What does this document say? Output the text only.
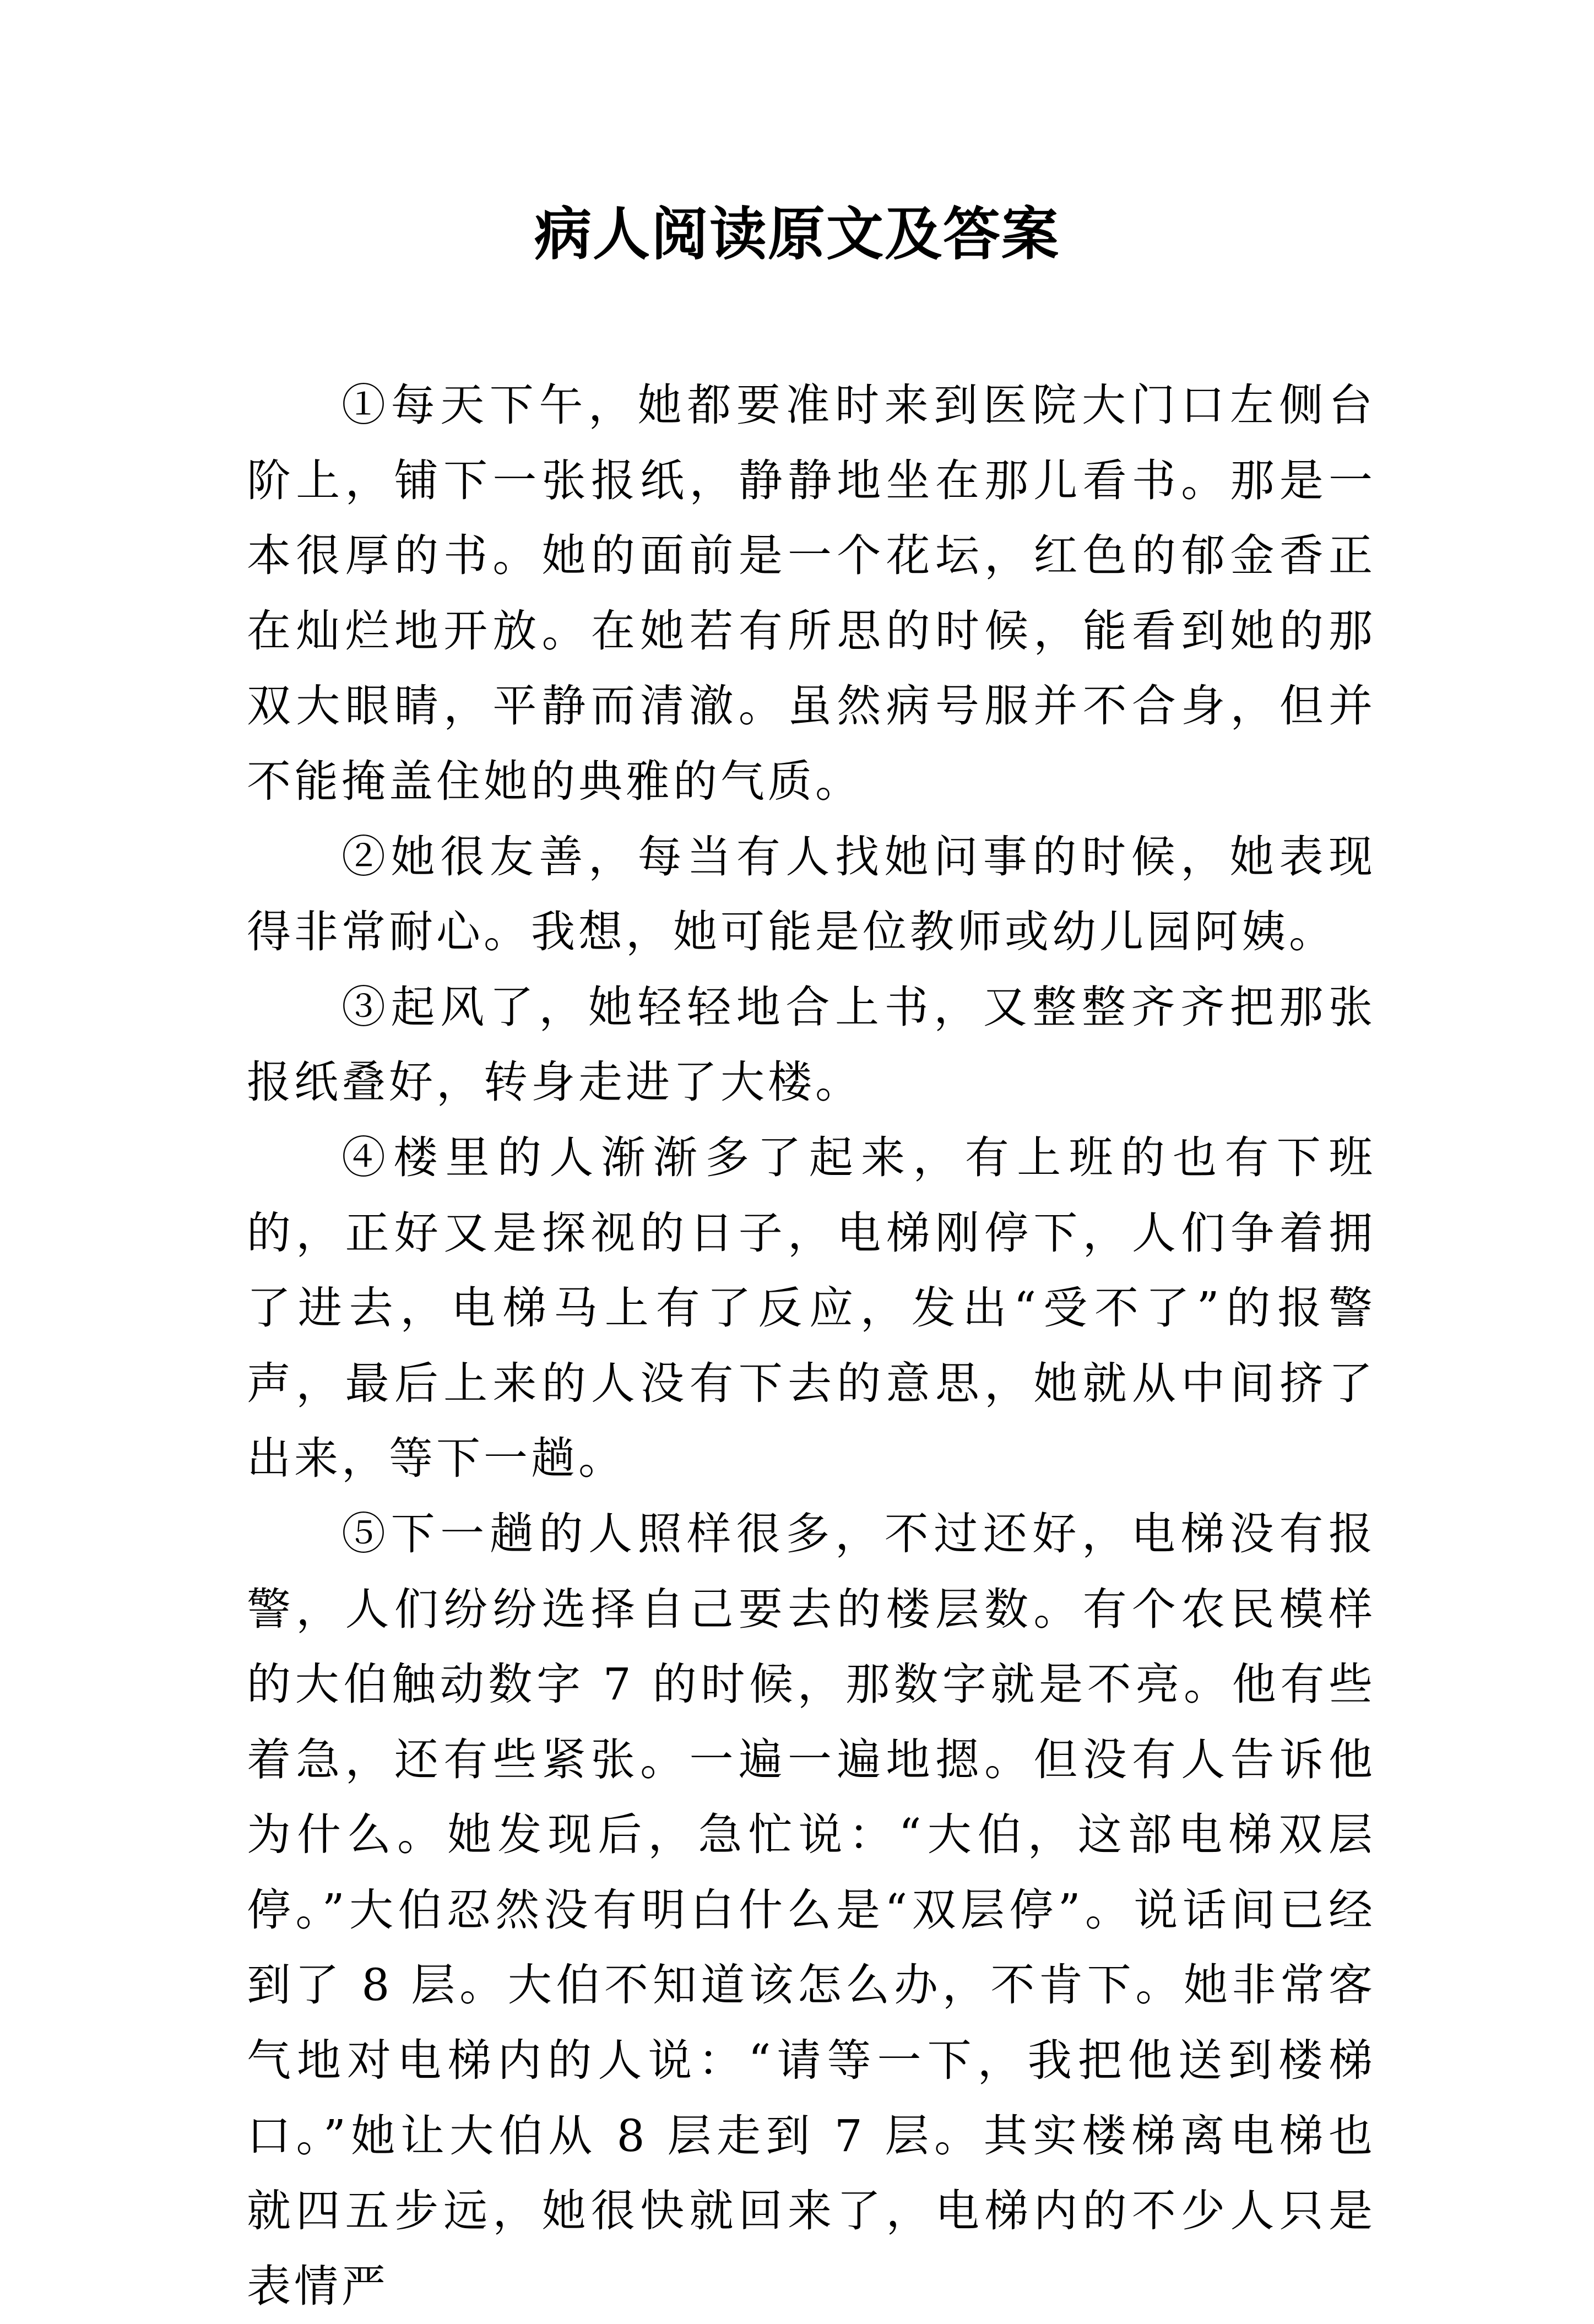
病人阅读原文及答案

①每天下午，她都要准时来到医院大门口左侧台阶上，铺下一张报纸，静静地坐在那儿看书。那是一本很厚的书。她的面前是一个花坛，红色的郁金香正在灿烂地开放。在她若有所思的时候，能看到她的那双大眼睛，平静而清澈。虽然病号服并不合身，但并不能掩盖住她的典雅的气质。

②她很友善，每当有人找她问事的时候，她表现得非常耐心。我想，她可能是位教师或幼儿园阿姨。

③起风了，她轻轻地合上书，又整整齐齐把那张报纸叠好，转身走进了大楼。

④楼里的人渐渐多了起来，有上班的也有下班的，正好又是探视的日子，电梯刚停下，人们争着拥了进去，电梯马上有了反应，发出“受不了”的报警声，最后上来的人没有下去的意思，她就从中间挤了出来，等下一趟。

⑤下一趟的人照样很多，不过还好，电梯没有报警，人们纷纷选择自己要去的楼层数。有个农民模样的大伯触动数字 7 的时候，那数字就是不亮。他有些着急，还有些紧张。一遍一遍地摁。但没有人告诉他为什么。她发现后，急忙说：“大伯，这部电梯双层停。”大伯忍然没有明白什么是“双层停”。说话间已经到了 8 层。大伯不知道该怎么办，不肯下。她非常客气地对电梯内的人说：“请等一下，我把他送到楼梯口。”她让大伯从 8 层走到 7 层。其实楼梯离电梯也就四五步远，她很快就回来了，电梯内的不少人只是表情严
